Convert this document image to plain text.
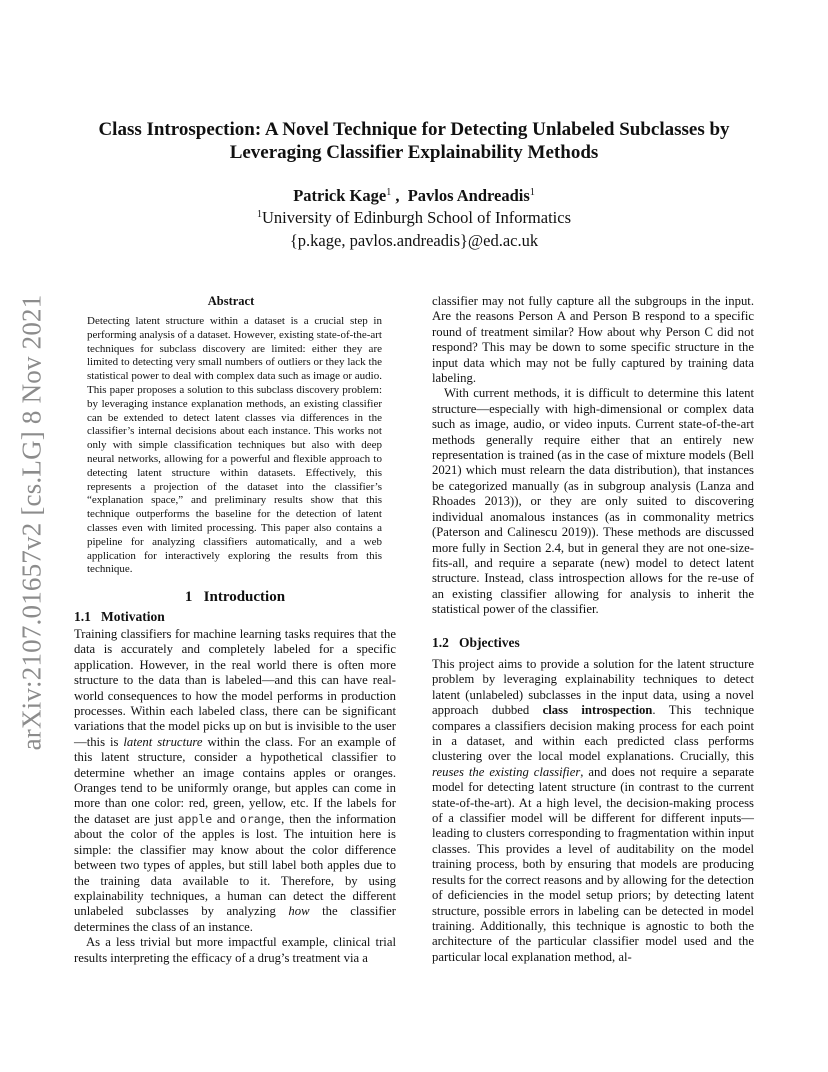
arXiv:2107.01657v2 [cs.LG] 8 Nov 2021
Class Introspection: A Novel Technique for Detecting Unlabeled Subclasses by Leveraging Classifier Explainability Methods
Patrick Kage$^1$ ,  Pavlos Andreadis$^1$
$^1$University of Edinburgh School of Informatics
{p.kage, pavlos.andreadis}@ed.ac.uk
Abstract

Detecting latent structure within a dataset is a crucial step in performing analysis of a dataset. However, existing state-of-the-art techniques for subclass discovery are limited: either they are limited to detecting very small numbers of outliers or they lack the statistical power to deal with complex data such as image or audio. This paper proposes a solution to this subclass discovery problem: by leveraging instance explanation methods, an existing classifier can be extended to detect latent classes via differences in the classifier’s internal decisions about each instance. This works not only with simple classification techniques but also with deep neural networks, allowing for a powerful and flexible approach to detecting latent structure within datasets. Effectively, this represents a projection of the dataset into the classifier’s “explanation space,” and preliminary results show that this technique outperforms the baseline for the detection of latent classes even with limited processing. This paper also contains a pipeline for analyzing classifiers automatically, and a web application for interactively exploring the results from this technique.

1 Introduction
1.1 Motivation

Training classifiers for machine learning tasks requires that the data is accurately and completely labeled for a specific application. However, in the real world there is often more structure to the data than is labeled—and this can have real-world consequences to how the model performs in production processes. Within each labeled class, there can be significant variations that the model picks up on but is invisible to the user—this is latent structure within the class. For an example of this latent structure, consider a hypothetical classifier to determine whether an image contains apples or oranges. Oranges tend to be uniformly orange, but apples can come in more than one color: red, green, yellow, etc. If the labels for the dataset are just apple and orange, then the information about the color of the apples is lost. The intuition here is simple: the classifier may know about the color difference between two types of apples, but still label both apples due to the training data available to it. Therefore, by using explainability techniques, a human can detect the different unlabeled subclasses by analyzing how the classifier determines the class of an instance.

As a less trivial but more impactful example, clinical trial results interpreting the efficacy of a drug’s treatment via a

classifier may not fully capture all the subgroups in the input. Are the reasons Person A and Person B respond to a specific round of treatment similar? How about why Person C did not respond? This may be down to some specific structure in the input data which may not be fully captured by training data labeling.

With current methods, it is difficult to determine this latent structure—especially with high-dimensional or complex data such as image, audio, or video inputs. Current state-of-the-art methods generally require either that an entirely new representation is trained (as in the case of mixture models (Bell 2021) which must relearn the data distribution), that instances be categorized manually (as in subgroup analysis (Lanza and Rhoades 2013)), or they are only suited to discovering individual anomalous instances (as in commonality metrics (Paterson and Calinescu 2019)). These methods are discussed more fully in Section 2.4, but in general they are not one-size-fits-all, and require a separate (new) model to detect latent structure. Instead, class introspection allows for the re-use of an existing classifier allowing for analysis to inherit the statistical power of the classifier.

1.2 Objectives

This project aims to provide a solution for the latent structure problem by leveraging explainability techniques to detect latent (unlabeled) subclasses in the input data, using a novel approach dubbed class introspection. This technique compares a classifiers decision making process for each point in a dataset, and within each predicted class performs clustering over the local model explanations. Crucially, this reuses the existing classifier, and does not require a separate model for detecting latent structure (in contrast to the current state-of-the-art). At a high level, the decision-making process of a classifier model will be different for different inputs—leading to clusters corresponding to fragmentation within input classes. This provides a level of auditability on the model training process, both by ensuring that models are producing results for the correct reasons and by allowing for the detection of deficiencies in the model setup priors; by detecting latent structure, possible errors in labeling can be detected in model training. Additionally, this technique is agnostic to both the architecture of the particular classifier model used and the particular local explanation method, al-
